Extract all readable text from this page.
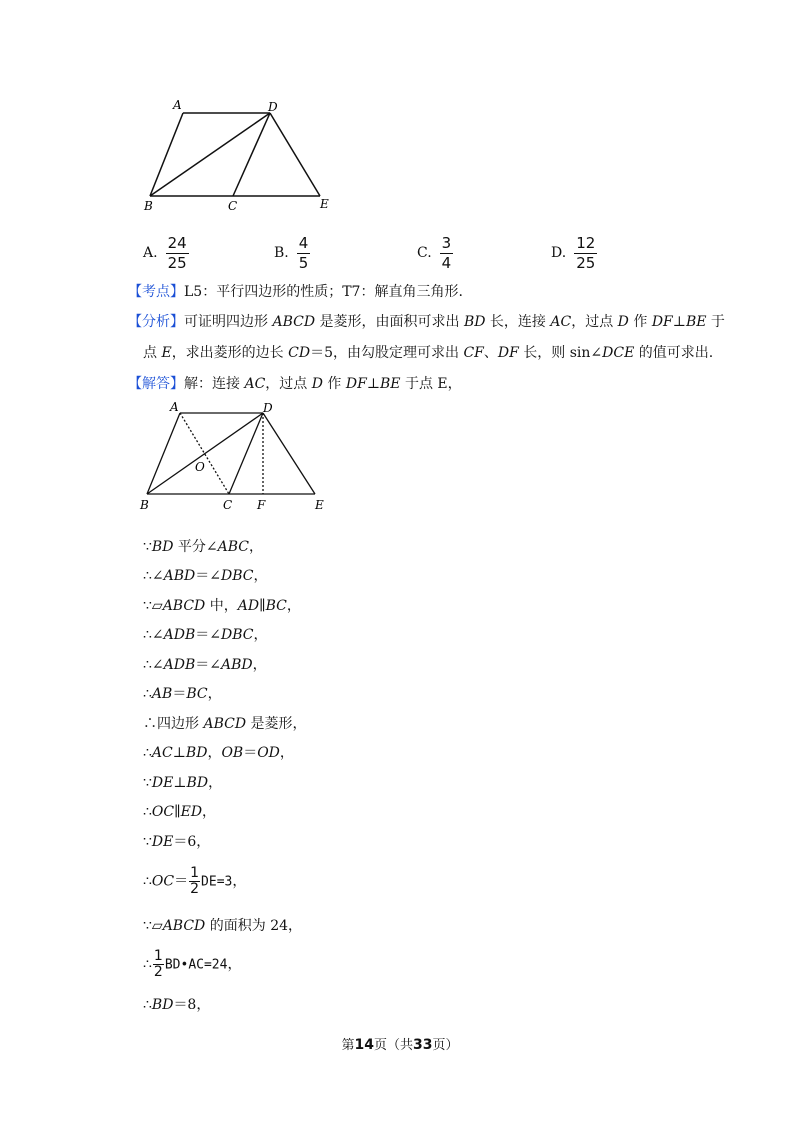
A	D
B	C	E
A. $\frac{24}{25}$	B. $\frac{4}{5}$	C. $\frac{3}{4}$	D. $\frac{12}{25}$
【考点】L5：平行四边形的性质；T7：解直角三角形.
【分析】可证明四边形 ABCD 是菱形，由面积可求出 BD 长，连接 AC，过点 D 作 DF⊥BE 于
点 E，求出菱形的边长 CD＝5，由勾股定理可求出 CF、DF 长，则 sin∠DCE 的值可求出.
【解答】解：连接 AC，过点 D 作 DF⊥BE 于点 E，
A	D
O
B	C F	E
∵BD 平分∠ABC，
∴∠ABD＝∠DBC，
∵▱ABCD 中，AD∥BC，
∴∠ADB＝∠DBC，
∴∠ADB＝∠ABD，
∴AB＝BC，
∴四边形 ABCD 是菱形，
∴AC⊥BD，OB＝OD，
∵DE⊥BD，
∴OC∥ED，
∵DE＝6，
∴OC＝ $\frac{1}{2} DE=3$，
∵▱ABCD 的面积为 24，
∴ $\frac{1}{2}$ BD•AC=24，
∴BD＝8，
第14页（共33页）
